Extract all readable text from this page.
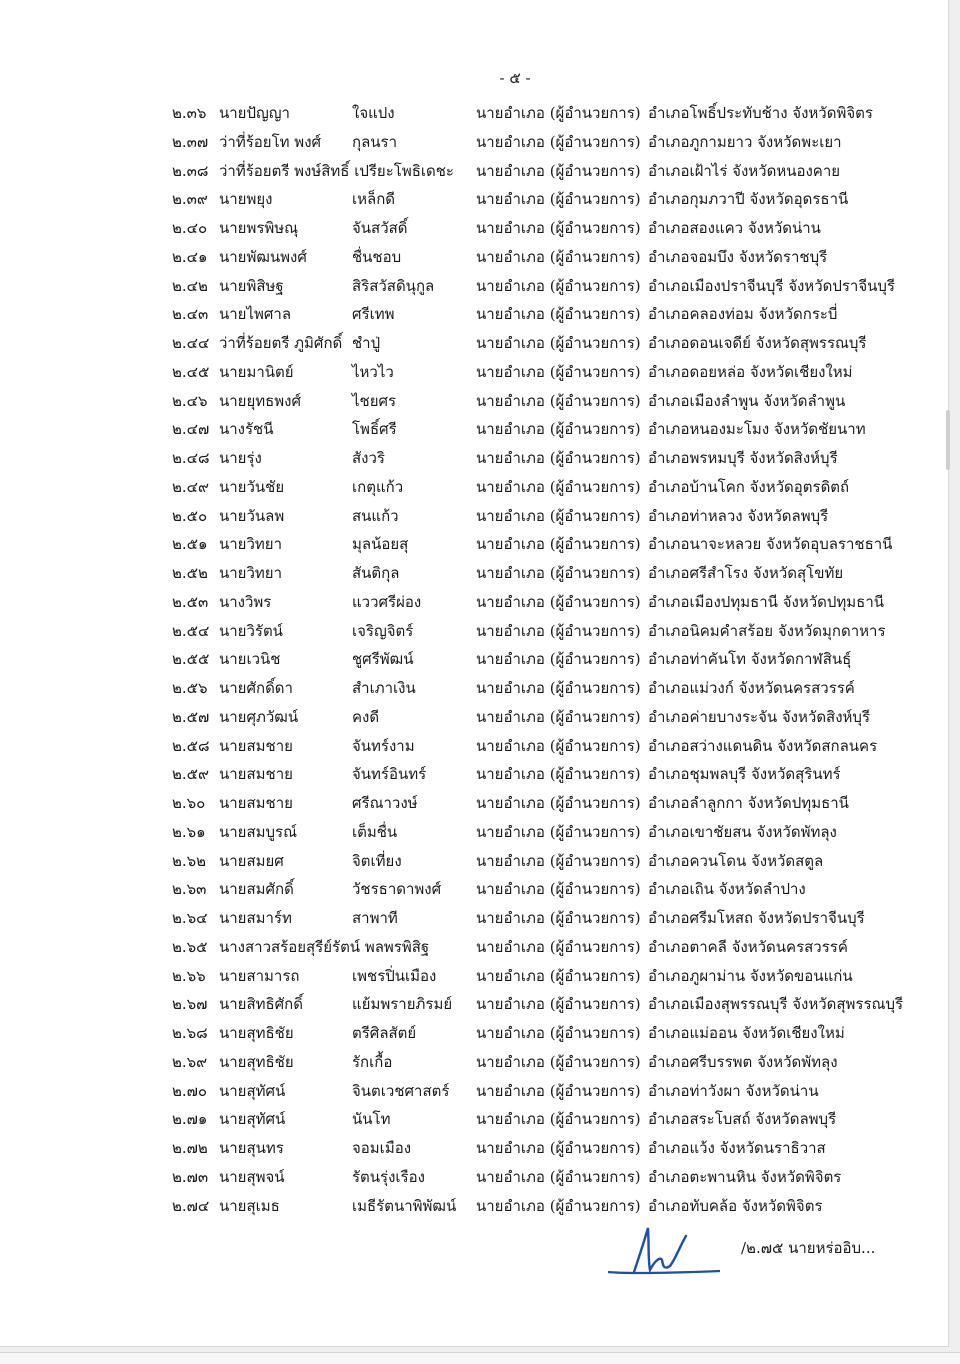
- ๕ -
๒.๓๖ นายปัญญา	ใจแปง	นายอำเภอ (ผู้อำนวยการ) อำเภอโพธิ์ประทับช้าง จังหวัดพิจิตร
๒.๓๗ ว่าที่ร้อยโท พงศ์ กุลนรา	นายอำเภอ (ผู้อำนวยการ) อำเภอภูกามยาว จังหวัดพะเยา
๒.๓๘ ว่าที่ร้อยตรี พงษ์สิทธิ์ เปรียะโพธิเดชะ นายอำเภอ (ผู้อำนวยการ) อำเภอเฝ้าไร่ จังหวัดหนองคาย
๒.๓๙ นายพยุง	เหล็กดี	นายอำเภอ (ผู้อำนวยการ) อำเภอกุมภวาปี จังหวัดอุดรธานี
๒.๔๐ นายพรพิษณุ	จันสวัสดิ์	นายอำเภอ (ผู้อำนวยการ) อำเภอสองแคว จังหวัดน่าน
๒.๔๑ นายพัฒนพงศ์	ชื่นชอบ	นายอำเภอ (ผู้อำนวยการ) อำเภอจอมบึง จังหวัดราชบุรี
๒.๔๒ นายพิสิษฐ	สิริสวัสดินุกูล	นายอำเภอ (ผู้อำนวยการ) อำเภอเมืองปราจีนบุรี จังหวัดปราจีนบุรี
๒.๔๓ นายไพศาล	ศรีเทพ	นายอำเภอ (ผู้อำนวยการ) อำเภอคลองท่อม จังหวัดกระบี่
๒.๔๔ ว่าที่ร้อยตรี ภูมิศักดิ์ ชำปู่	นายอำเภอ (ผู้อำนวยการ) อำเภอดอนเจดีย์ จังหวัดสุพรรณบุรี
๒.๔๕ นายมานิตย์	ไหวไว	นายอำเภอ (ผู้อำนวยการ) อำเภอดอยหล่อ จังหวัดเชียงใหม่
๒.๔๖ นายยุทธพงศ์	ไชยศร	นายอำเภอ (ผู้อำนวยการ) อำเภอเมืองลำพูน จังหวัดลำพูน
๒.๔๗ นางรัชนี	โพธิ์ศรี	นายอำเภอ (ผู้อำนวยการ) อำเภอหนองมะโมง จังหวัดชัยนาท
๒.๔๘ นายรุ่ง	สังวริ	นายอำเภอ (ผู้อำนวยการ) อำเภอพรหมบุรี จังหวัดสิงห์บุรี
๒.๔๙ นายวันชัย	เกตุแก้ว	นายอำเภอ (ผู้อำนวยการ) อำเภอบ้านโคก จังหวัดอุตรดิตถ์
๒.๕๐ นายวันลพ	สนแก้ว	นายอำเภอ (ผู้อำนวยการ) อำเภอท่าหลวง จังหวัดลพบุรี
๒.๕๑ นายวิทยา	มุลน้อยสุ	นายอำเภอ (ผู้อำนวยการ) อำเภอนาจะหลวย จังหวัดอุบลราชธานี
๒.๕๒ นายวิทยา	สันติกุล	นายอำเภอ (ผู้อำนวยการ) อำเภอศรีสำโรง จังหวัดสุโขทัย
๒.๕๓ นางวิพร	แววศรีผ่อง	นายอำเภอ (ผู้อำนวยการ) อำเภอเมืองปทุมธานี จังหวัดปทุมธานี
๒.๕๔ นายวิรัตน์	เจริญจิตร์	นายอำเภอ (ผู้อำนวยการ) อำเภอนิคมคำสร้อย จังหวัดมุกดาหาร
๒.๕๕ นายเวนิช	ชูศรีพัฒน์	นายอำเภอ (ผู้อำนวยการ) อำเภอท่าคันโท จังหวัดกาฬสินธุ์
๒.๕๖ นายศักดิ์ดา	สำเภาเงิน	นายอำเภอ (ผู้อำนวยการ) อำเภอแม่วงก์ จังหวัดนครสวรรค์
๒.๕๗ นายศุภวัฒน์	คงดี	นายอำเภอ (ผู้อำนวยการ) อำเภอค่ายบางระจัน จังหวัดสิงห์บุรี
๒.๕๘ นายสมชาย	จันทร์งาม	นายอำเภอ (ผู้อำนวยการ) อำเภอสว่างแดนดิน จังหวัดสกลนคร
๒.๕๙ นายสมชาย	จันทร์อินทร์	นายอำเภอ (ผู้อำนวยการ) อำเภอชุมพลบุรี จังหวัดสุรินทร์
๒.๖๐ นายสมชาย	ศรีณาวงษ์	นายอำเภอ (ผู้อำนวยการ) อำเภอลำลูกกา จังหวัดปทุมธานี
๒.๖๑ นายสมบูรณ์	เต็มชื่น	นายอำเภอ (ผู้อำนวยการ) อำเภอเขาชัยสน จังหวัดพัทลุง
๒.๖๒ นายสมยศ	จิตเที่ยง	นายอำเภอ (ผู้อำนวยการ) อำเภอควนโดน จังหวัดสตูล
๒.๖๓ นายสมศักดิ์	วัชรธาดาพงศ์ นายอำเภอ (ผู้อำนวยการ) อำเภอเถิน จังหวัดลำปาง
๒.๖๔ นายสมาร์ท	สาพาที	นายอำเภอ (ผู้อำนวยการ) อำเภอศรีมโหสถ จังหวัดปราจีนบุรี
๒.๖๕ นางสาวสร้อยสุรีย์รัตน์ พลพรพิสิฐ	นายอำเภอ (ผู้อำนวยการ) อำเภอตาคลี จังหวัดนครสวรรค์
๒.๖๖ นายสามารถ	เพชรปิ่นเมือง	นายอำเภอ (ผู้อำนวยการ) อำเภอภูผาม่าน จังหวัดขอนแก่น
๒.๖๗ นายสิทธิศักดิ์	แย้มพรายภิรมย์ นายอำเภอ (ผู้อำนวยการ) อำเภอเมืองสุพรรณบุรี จังหวัดสุพรรณบุรี
๒.๖๘ นายสุทธิชัย	ตรีศิลสัตย์	นายอำเภอ (ผู้อำนวยการ) อำเภอแม่ออน จังหวัดเชียงใหม่
๒.๖๙ นายสุทธิชัย	รักเกื้อ	นายอำเภอ (ผู้อำนวยการ) อำเภอศรีบรรพต จังหวัดพัทลุง
๒.๗๐ นายสุทัศน์	จินตเวชศาสตร์ นายอำเภอ (ผู้อำนวยการ) อำเภอท่าวังผา จังหวัดน่าน
๒.๗๑ นายสุทัศน์	นันโท	นายอำเภอ (ผู้อำนวยการ) อำเภอสระโบสถ์ จังหวัดลพบุรี
๒.๗๒ นายสุนทร	จอมเมือง	นายอำเภอ (ผู้อำนวยการ) อำเภอแว้ง จังหวัดนราธิวาส
๒.๗๓ นายสุพจน์	รัตนรุ่งเรือง	นายอำเภอ (ผู้อำนวยการ) อำเภอตะพานหิน จังหวัดพิจิตร
๒.๗๔ นายสุเมธ	เมธีรัตนาพิพัฒน์ นายอำเภอ (ผู้อำนวยการ) อำเภอทับคล้อ จังหวัดพิจิตร
/๒.๗๕ นายหร่ออิบ...
